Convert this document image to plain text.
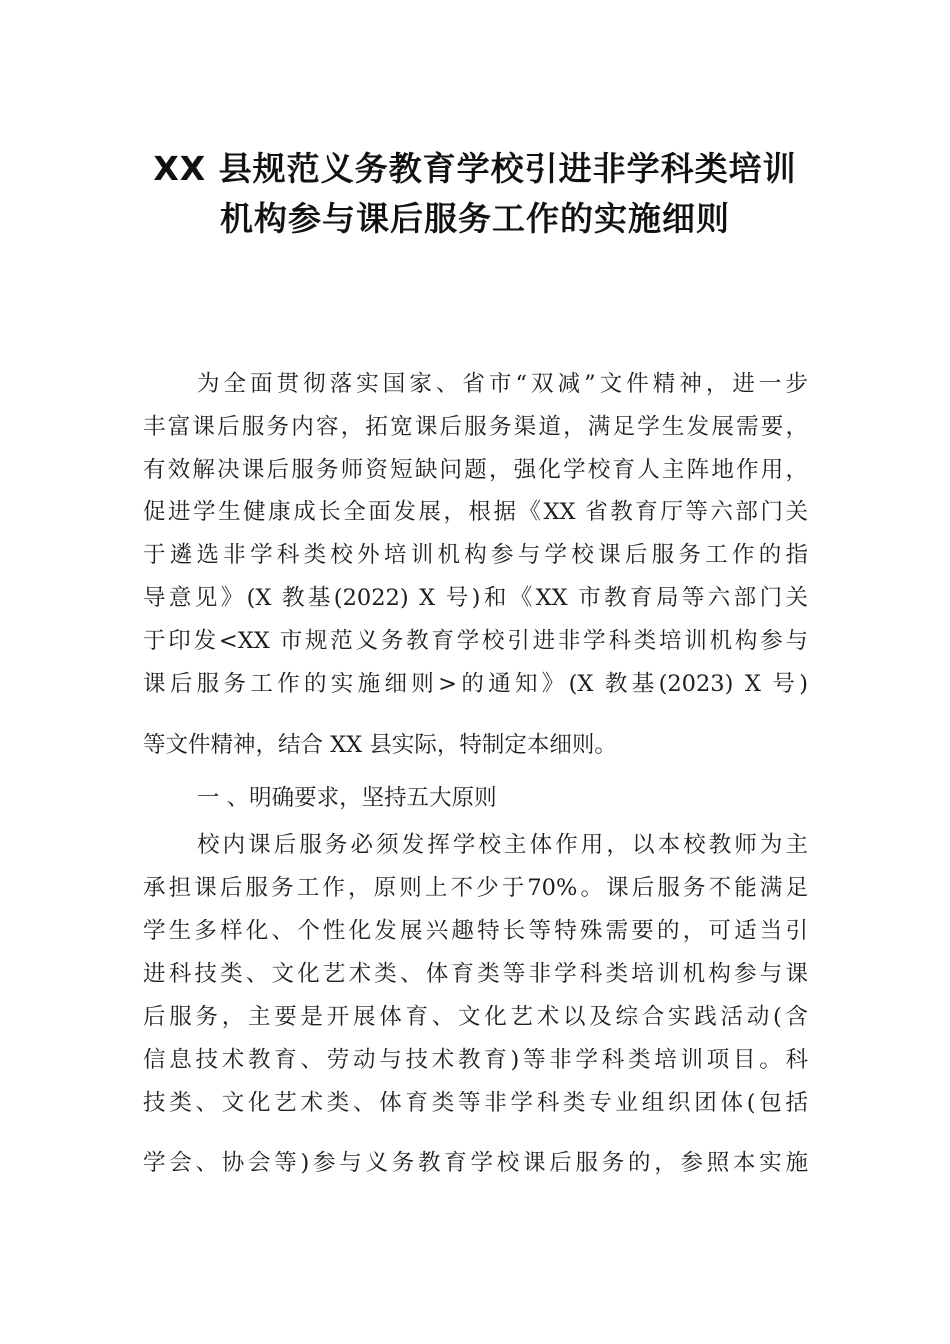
XX 县规范义务教育学校引进非学科类培训
机构参与课后服务工作的实施细则
为全面贯彻落实国家、省市“双减”文件精神，进一步
丰富课后服务内容，拓宽课后服务渠道，满足学生发展需要，
有效解决课后服务师资短缺问题，强化学校育人主阵地作用，
促进学生健康成长全面发展，根据《XX 省教育厅等六部门关
于遴选非学科类校外培训机构参与学校课后服务工作的指
导意见》(X 教基(2022) X 号)和《XX 市教育局等六部门关
于印发<XX 市规范义务教育学校引进非学科类培训机构参与
课后服务工作的实施细则>的通知》(X 教基(2023) X 号)
等文件精神，结合 XX 县实际，特制定本细则。
一 、明确要求，坚持五大原则
校内课后服务必须发挥学校主体作用，以本校教师为主
承担课后服务工作，原则上不少于70%。课后服务不能满足
学生多样化、个性化发展兴趣特长等特殊需要的，可适当引
进科技类、文化艺术类、体育类等非学科类培训机构参与课
后服务，主要是开展体育、文化艺术以及综合实践活动(含
信息技术教育、劳动与技术教育)等非学科类培训项目。科
技类、文化艺术类、体育类等非学科类专业组织团体(包括
学会、协会等)参与义务教育学校课后服务的，参照本实施
